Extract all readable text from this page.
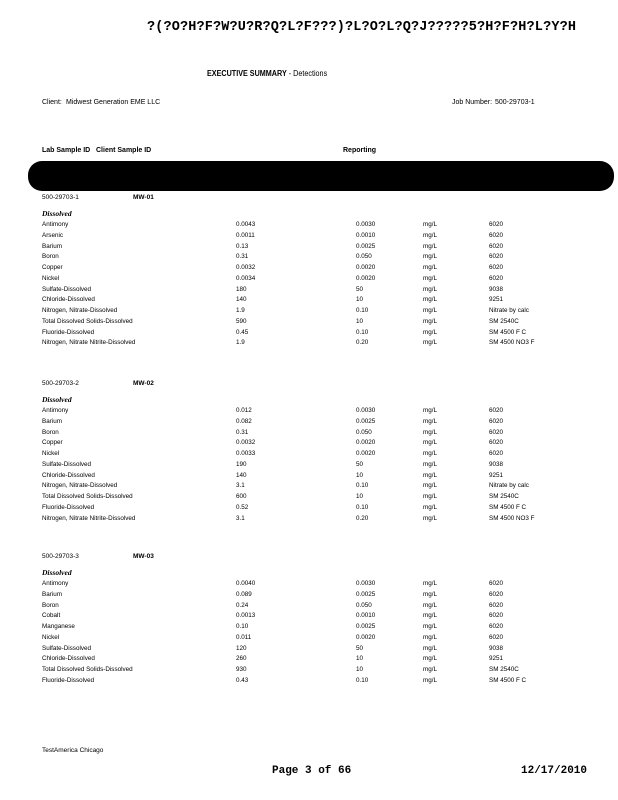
?(?O?H?F?W?U?R?Q?L?F???)?L?O?L?Q?J?????5?H?F?H?L?Y?H
EXECUTIVE SUMMARY - Detections
Client: Midwest Generation EME LLC	Job Number: 500-29703-1
Lab Sample ID Client Sample ID	Reporting
500-29703-1	MW-01
Dissolved
Antimony	0.0043	0.0030	mg/L	6020
Arsenic	0.0011	0.0010	mg/L	6020
Barium	0.13	0.0025	mg/L	6020
Boron	0.31	0.050	mg/L	6020
Copper	0.0032	0.0020	mg/L	6020
Nickel	0.0034	0.0020	mg/L	6020
Sulfate-Dissolved	180	50	mg/L	9038
Chloride-Dissolved	140	10	mg/L	9251
Nitrogen, Nitrate-Dissolved	1.9	0.10	mg/L	Nitrate by calc
Total Dissolved Solids-Dissolved	590	10	mg/L	SM 2540C
Fluoride-Dissolved	0.45	0.10	mg/L	SM 4500 F C
Nitrogen, Nitrate Nitrite-Dissolved	1.9	0.20	mg/L	SM 4500 NO3 F
500-29703-2	MW-02
Dissolved
Antimony	0.012	0.0030	mg/L	6020
Barium	0.082	0.0025	mg/L	6020
Boron	0.31	0.050	mg/L	6020
Copper	0.0032	0.0020	mg/L	6020
Nickel	0.0033	0.0020	mg/L	6020
Sulfate-Dissolved	190	50	mg/L	9038
Chloride-Dissolved	140	10	mg/L	9251
Nitrogen, Nitrate-Dissolved	3.1	0.10	mg/L	Nitrate by calc
Total Dissolved Solids-Dissolved	600	10	mg/L	SM 2540C
Fluoride-Dissolved	0.52	0.10	mg/L	SM 4500 F C
Nitrogen, Nitrate Nitrite-Dissolved	3.1	0.20	mg/L	SM 4500 NO3 F
500-29703-3	MW-03
Dissolved
Antimony	0.0040	0.0030	mg/L	6020
Barium	0.089	0.0025	mg/L	6020
Boron	0.24	0.050	mg/L	6020
Cobalt	0.0013	0.0010	mg/L	6020
Manganese	0.10	0.0025	mg/L	6020
Nickel	0.011	0.0020	mg/L	6020
Sulfate-Dissolved	120	50	mg/L	9038
Chloride-Dissolved	260	10	mg/L	9251
Total Dissolved Solids-Dissolved	930	10	mg/L	SM 2540C
Fluoride-Dissolved	0.43	0.10	mg/L	SM 4500 F C
TestAmerica Chicago
Page 3 of 66	12/17/2010
